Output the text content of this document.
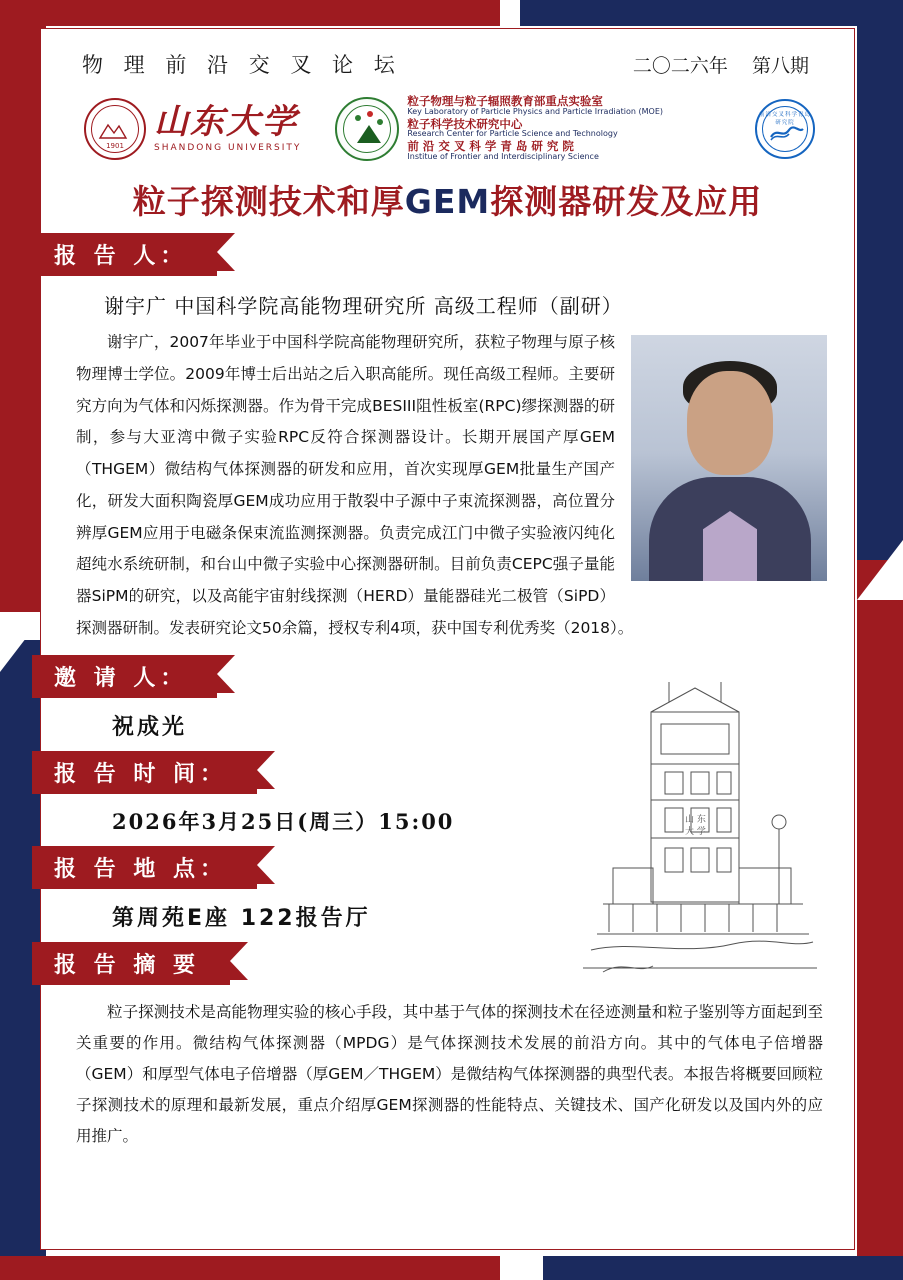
物 理 前 沿 交 叉 论 坛	二〇二六年 第八期
1901
山东大学
SHANDONG UNIVERSITY
粒子物理与粒子辐照教育部重点实验室
Key Laboratory of Particle Physics and Particle Irradiation (MOE)
粒子科学技术研究中心
Research Center for Particle Science and Technology
前 沿 交 叉 科 学 青 岛 研 究 院
Institue of Frontier and Interdisciplinary Science
前沿交叉科学青岛研究院
粒子探测技术和厚GEM探测器研发及应用
报 告 人：
谢宇广 中国科学院高能物理研究所 高级工程师（副研）
谢宇广，2007年毕业于中国科学院高能物理研究所，获粒子物理与原子核物理博士学位。2009年博士后出站之后入职高能所。现任高级工程师。主要研究方向为气体和闪烁探测器。作为骨干完成BESIII阻性板室(RPC)缪探测器的研制，参与大亚湾中微子实验RPC反符合探测器设计。长期开展国产厚GEM（THGEM）微结构气体探测器的研发和应用，首次实现厚GEM批量生产国产化，研发大面积陶瓷厚GEM成功应用于散裂中子源中子束流探测器，高位置分辨厚GEM应用于电磁条保束流监测探测器。负责完成江门中微子实验液闪纯化超纯水系统研制，和台山中微子实验中心探测器研制。目前负责CEPC强子量能器SiPM的研究，以及高能宇宙射线探测（HERD）量能器硅光二极管（SiPD）探测器研制。发表研究论文50余篇，授权专利4项，获中国专利优秀奖（2018）。
邀 请 人：
祝成光
报 告 时 间：
2026年3月25日(周三）15:00
报 告 地 点：
第周苑E座 122报告厅
报 告 摘 要
粒子探测技术是高能物理实验的核心手段，其中基于气体的探测技术在径迹测量和粒子鉴别等方面起到至关重要的作用。微结构气体探测器（MPDG）是气体探测技术发展的前沿方向。其中的气体电子倍增器（GEM）和厚型气体电子倍增器（厚GEM／THGEM）是微结构气体探测器的典型代表。本报告将概要回顾粒子探测技术的原理和最新发展，重点介绍厚GEM探测器的性能特点、关键技术、国产化研发以及国内外的应用推广。
山 东
大 学
